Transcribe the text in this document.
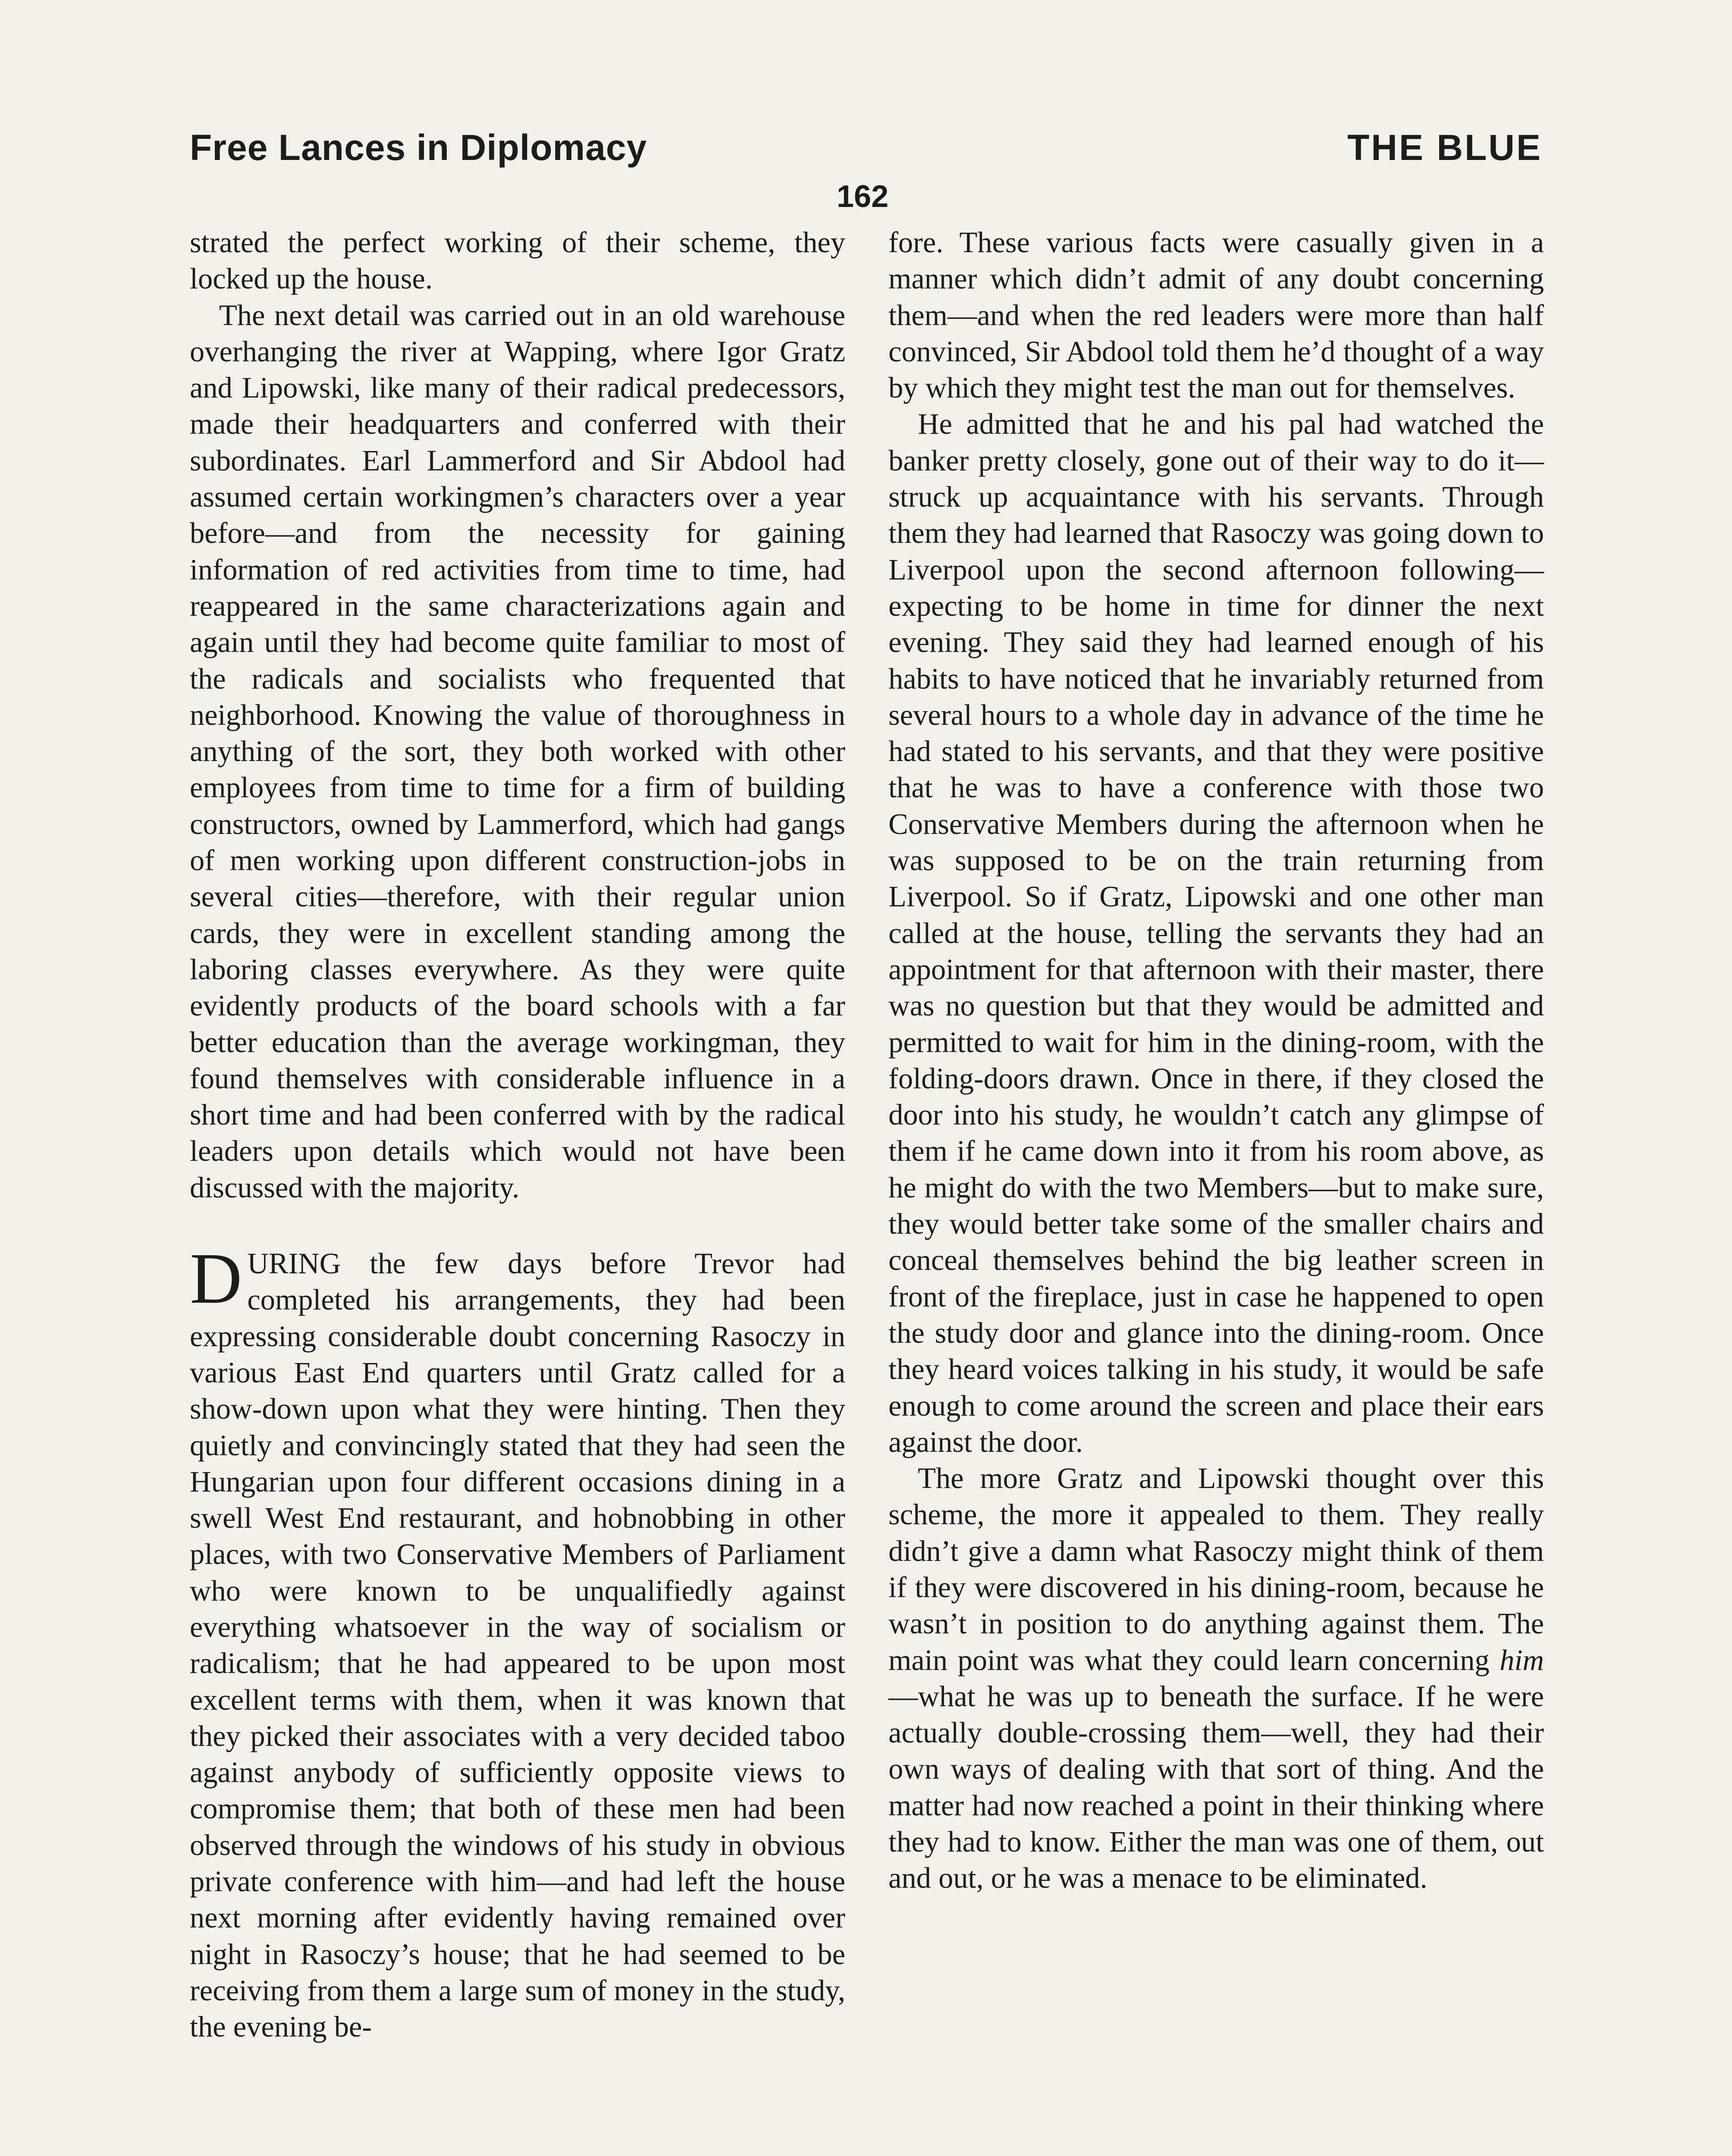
Free Lances in Diplomacy	THE BLUE
162

strated the perfect working of their scheme, they locked up the house.

The next detail was carried out in an old warehouse overhanging the river at Wapping, where Igor Gratz and Lipowski, like many of their radical predecessors, made their headquarters and conferred with their subordinates. Earl Lammerford and Sir Abdool had assumed certain workingmen’s characters over a year before—and from the necessity for gaining information of red activities from time to time, had reappeared in the same characterizations again and again until they had become quite familiar to most of the radicals and socialists who frequented that neighborhood. Knowing the value of thoroughness in anything of the sort, they both worked with other employees from time to time for a firm of building constructors, owned by Lammerford, which had gangs of men working upon different construction-jobs in several cities—therefore, with their regular union cards, they were in excellent standing among the laboring classes everywhere. As they were quite evidently products of the board schools with a far better education than the average workingman, they found themselves with considerable influence in a short time and had been conferred with by the radical leaders upon details which would not have been discussed with the majority.

DURING the few days before Trevor had completed his arrangements, they had been expressing considerable doubt concerning Rasoczy in various East End quarters until Gratz called for a show-down upon what they were hinting. Then they quietly and convincingly stated that they had seen the Hungarian upon four different occasions dining in a swell West End restaurant, and hobnobbing in other places, with two Conservative Members of Parliament who were known to be unqualifiedly against everything whatsoever in the way of socialism or radicalism; that he had appeared to be upon most excellent terms with them, when it was known that they picked their associates with a very decided taboo against anybody of sufficiently opposite views to compromise them; that both of these men had been observed through the windows of his study in obvious private conference with him—and had left the house next morning after evidently having remained over night in Rasoczy’s house; that he had seemed to be receiving from them a large sum of money in the study, the evening be-

fore. These various facts were casually given in a manner which didn’t admit of any doubt concerning them—and when the red leaders were more than half convinced, Sir Abdool told them he’d thought of a way by which they might test the man out for themselves.

He admitted that he and his pal had watched the banker pretty closely, gone out of their way to do it—struck up acquaintance with his servants. Through them they had learned that Rasoczy was going down to Liverpool upon the second afternoon following—expecting to be home in time for dinner the next evening. They said they had learned enough of his habits to have noticed that he invariably returned from several hours to a whole day in advance of the time he had stated to his servants, and that they were positive that he was to have a conference with those two Conservative Members during the afternoon when he was supposed to be on the train returning from Liverpool. So if Gratz, Lipowski and one other man called at the house, telling the servants they had an appointment for that afternoon with their master, there was no question but that they would be admitted and permitted to wait for him in the dining-room, with the folding-doors drawn. Once in there, if they closed the door into his study, he wouldn’t catch any glimpse of them if he came down into it from his room above, as he might do with the two Members—but to make sure, they would better take some of the smaller chairs and conceal themselves behind the big leather screen in front of the fireplace, just in case he happened to open the study door and glance into the dining-room. Once they heard voices talking in his study, it would be safe enough to come around the screen and place their ears against the door.

The more Gratz and Lipowski thought over this scheme, the more it appealed to them. They really didn’t give a damn what Rasoczy might think of them if they were discovered in his dining-room, because he wasn’t in position to do anything against them. The main point was what they could learn concerning him—what he was up to beneath the surface. If he were actually double-crossing them—well, they had their own ways of dealing with that sort of thing. And the matter had now reached a point in their thinking where they had to know. Either the man was one of them, out and out, or he was a menace to be eliminated.
